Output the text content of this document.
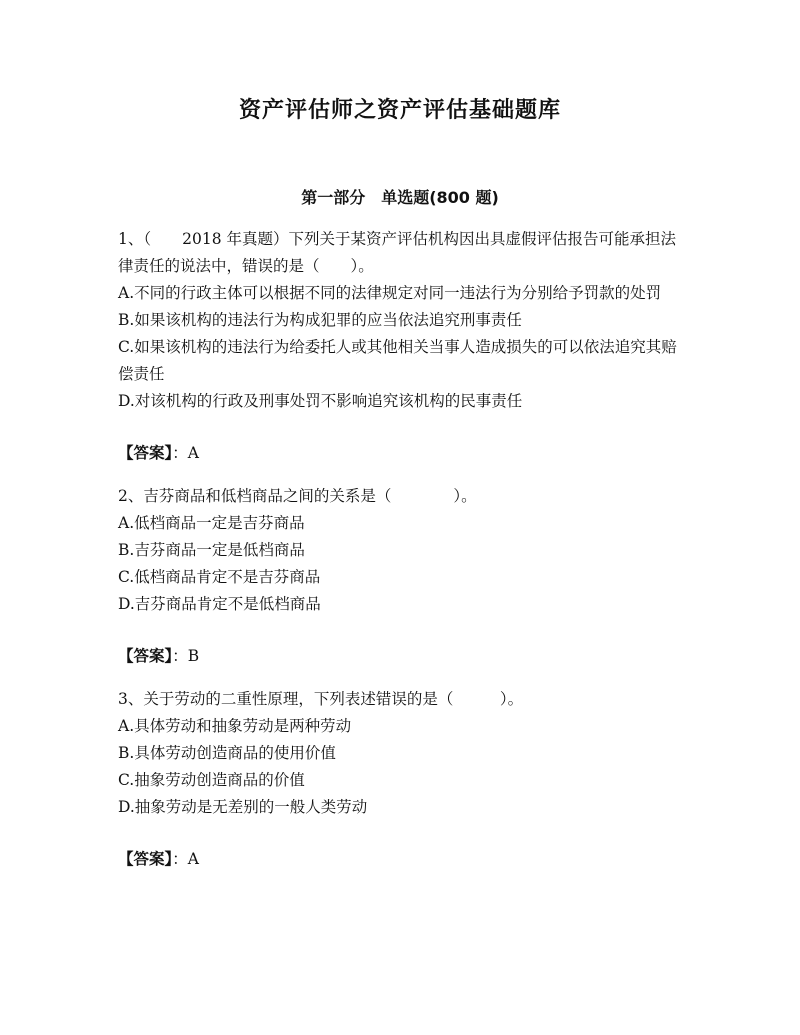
资产评估师之资产评估基础题库
第一部分　单选题(800 题)

1、（　　2018 年真题）下列关于某资产评估机构因出具虚假评估报告可能承担法律责任的说法中，错误的是（　　）。

A.不同的行政主体可以根据不同的法律规定对同一违法行为分别给予罚款的处罚

B.如果该机构的违法行为构成犯罪的应当依法追究刑事责任

C.如果该机构的违法行为给委托人或其他相关当事人造成损失的可以依法追究其赔偿责任

D.对该机构的行政及刑事处罚不影响追究该机构的民事责任

【答案】：A

2、吉芬商品和低档商品之间的关系是（　　　　）。

A.低档商品一定是吉芬商品

B.吉芬商品一定是低档商品

C.低档商品肯定不是吉芬商品

D.吉芬商品肯定不是低档商品

【答案】：B

3、关于劳动的二重性原理，下列表述错误的是（　　　）。

A.具体劳动和抽象劳动是两种劳动

B.具体劳动创造商品的使用价值

C.抽象劳动创造商品的价值

D.抽象劳动是无差别的一般人类劳动

【答案】：A
